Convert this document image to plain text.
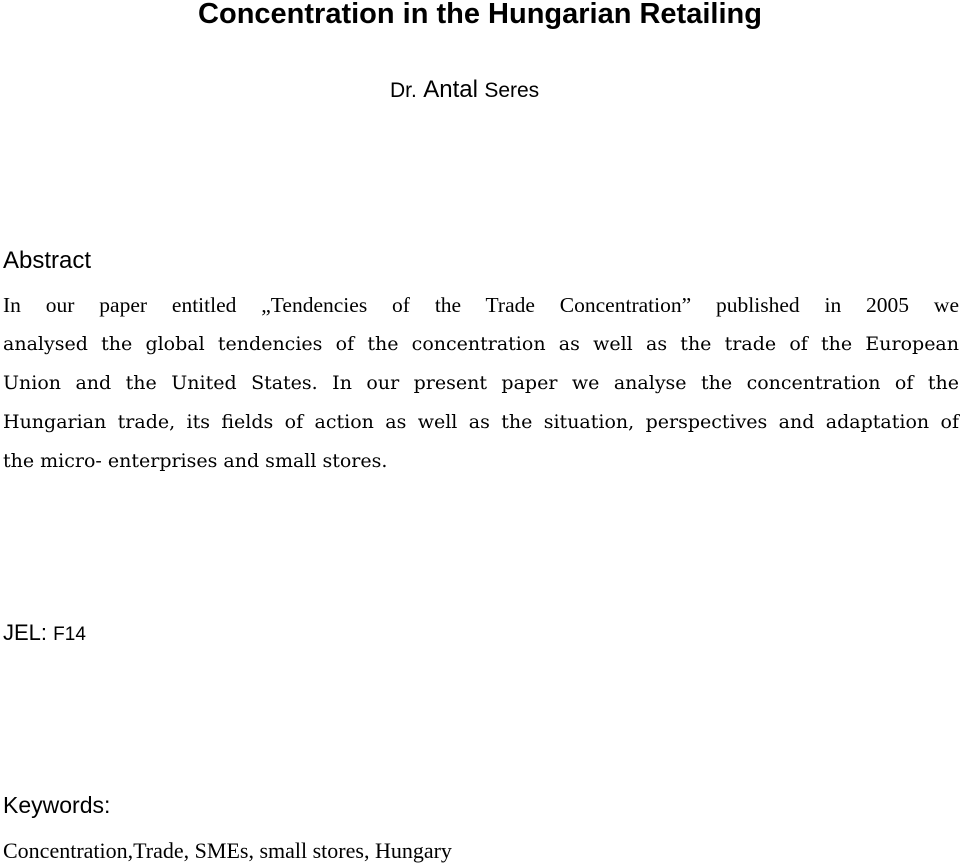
Concentration in the Hungarian Retailing

Dr. Antal Seres

Abstract
In our paper entitled „Tendencies of the Trade Concentration” published in 2005 we
analysed the global tendencies of the concentration as well as the trade of the European
Union and the United States. In our present paper we analyse the concentration of the
Hungarian trade, its fields of action as well as the situation, perspectives and adaptation of
the micro- enterprises and small stores.

JEL: F14

Keywords:

Concentration,Trade, SMEs, small stores, Hungary
